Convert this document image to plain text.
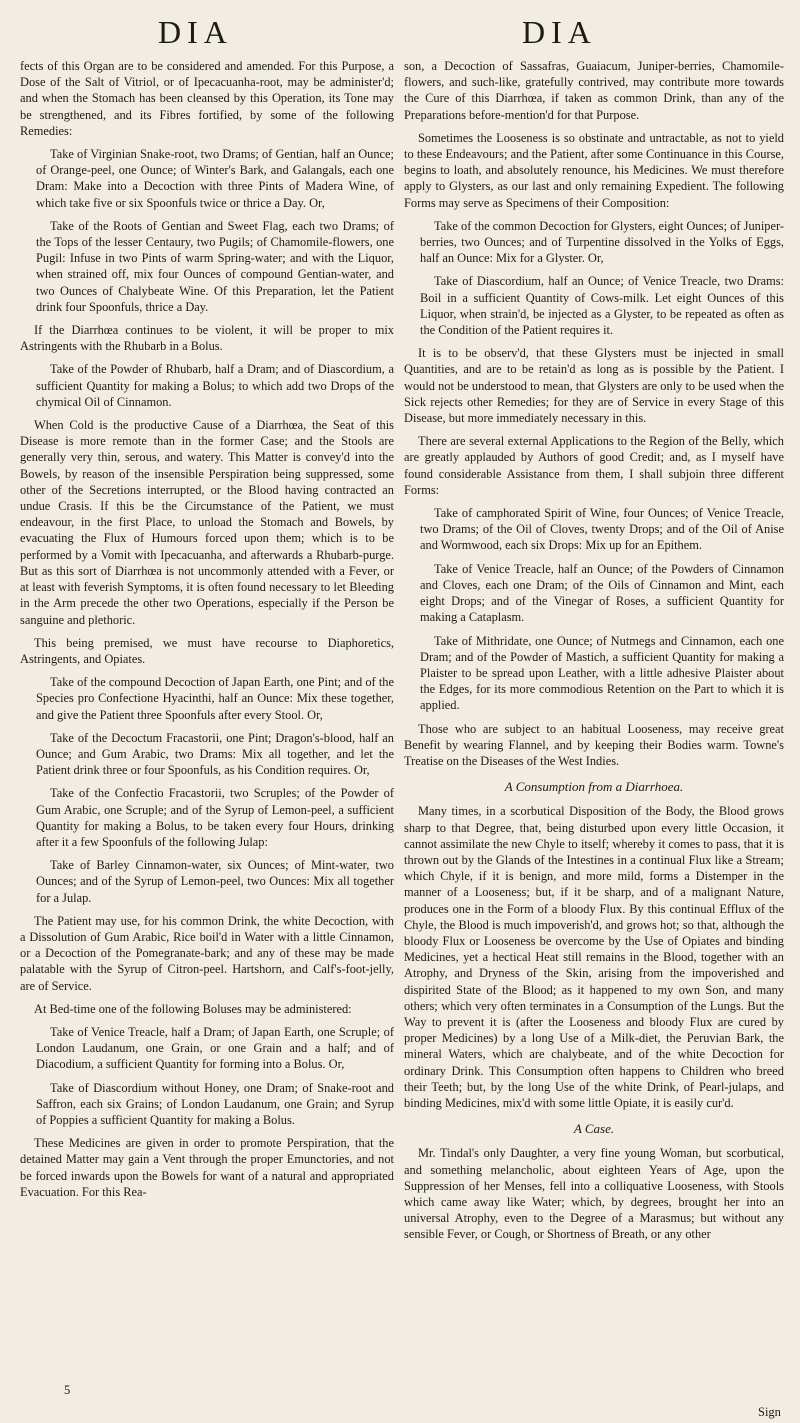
DIA	DIA

fects of this Organ are to be considered and amended. For this Purpose, a Dose of the Salt of Vitriol, or of Ipecacuanha-root, may be administer'd; and when the Stomach has been cleansed by this Operation, its Tone may be strengthened, and its Fibres fortified, by some of the following Remedies:

Take of Virginian Snake-root, two Drams; of Gentian, half an Ounce; of Orange-peel, one Ounce; of Winter's Bark, and Galangals, each one Dram: Make into a Decoction with three Pints of Madera Wine, of which take five or six Spoonfuls twice or thrice a Day. Or,

Take of the Roots of Gentian and Sweet Flag, each two Drams; of the Tops of the lesser Centaury, two Pugils; of Chamomile-flowers, one Pugil: Infuse in two Pints of warm Spring-water; and with the Liquor, when strained off, mix four Ounces of compound Gentian-water, and two Ounces of Chalybeate Wine. Of this Preparation, let the Patient drink four Spoonfuls, thrice a Day.

If the Diarrhœa continues to be violent, it will be proper to mix Astringents with the Rhubarb in a Bolus.

Take of the Powder of Rhubarb, half a Dram; and of Diascordium, a sufficient Quantity for making a Bolus; to which add two Drops of the chymical Oil of Cinnamon.

When Cold is the productive Cause of a Diarrhœa, the Seat of this Disease is more remote than in the former Case; and the Stools are generally very thin, serous, and watery. This Matter is convey'd into the Bowels, by reason of the insensible Perspiration being suppressed, some other of the Secretions interrupted, or the Blood having contracted an undue Crasis. If this be the Circumstance of the Patient, we must endeavour, in the first Place, to unload the Stomach and Bowels, by evacuating the Flux of Humours forced upon them; which is to be performed by a Vomit with Ipecacuanha, and afterwards a Rhubarb-purge. But as this sort of Diarrhœa is not uncommonly attended with a Fever, or at least with feverish Symptoms, it is often found necessary to let Bleeding in the Arm precede the other two Operations, especially if the Person be sanguine and plethoric.

This being premised, we must have recourse to Diaphoretics, Astringents, and Opiates.

Take of the compound Decoction of Japan Earth, one Pint; and of the Species pro Confectione Hyacinthi, half an Ounce: Mix these together, and give the Patient three Spoonfuls after every Stool. Or,

Take of the Decoctum Fracastorii, one Pint; Dragon's-blood, half an Ounce; and Gum Arabic, two Drams: Mix all together, and let the Patient drink three or four Spoonfuls, as his Condition requires. Or,

Take of the Confectio Fracastorii, two Scruples; of the Powder of Gum Arabic, one Scruple; and of the Syrup of Lemon-peel, a sufficient Quantity for making a Bolus, to be taken every four Hours, drinking after it a few Spoonfuls of the following Julap:

Take of Barley Cinnamon-water, six Ounces; of Mint-water, two Ounces; and of the Syrup of Lemon-peel, two Ounces: Mix all together for a Julap.

The Patient may use, for his common Drink, the white Decoction, with a Dissolution of Gum Arabic, Rice boil'd in Water with a little Cinnamon, or a Decoction of the Pomegranate-bark; and any of these may be made palatable with the Syrup of Citron-peel. Hartshorn, and Calf's-foot-jelly, are of Service.

At Bed-time one of the following Boluses may be administered:

Take of Venice Treacle, half a Dram; of Japan Earth, one Scruple; of London Laudanum, one Grain, or one Grain and a half; and of Diacodium, a sufficient Quantity for forming into a Bolus. Or,

Take of Diascordium without Honey, one Dram; of Snake-root and Saffron, each six Grains; of London Laudanum, one Grain; and Syrup of Poppies a sufficient Quantity for making a Bolus.

These Medicines are given in order to promote Perspiration, that the detained Matter may gain a Vent through the proper Emunctories, and not be forced inwards upon the Bowels for want of a natural and appropriated Evacuation. For this Rea-

son, a Decoction of Sassafras, Guaiacum, Juniper-berries, Chamomile-flowers, and such-like, gratefully contrived, may contribute more towards the Cure of this Diarrhœa, if taken as common Drink, than any of the Preparations before-mention'd for that Purpose.

Sometimes the Looseness is so obstinate and untractable, as not to yield to these Endeavours; and the Patient, after some Continuance in this Course, begins to loath, and absolutely renounce, his Medicines. We must therefore apply to Glysters, as our last and only remaining Expedient. The following Forms may serve as Specimens of their Composition:

Take of the common Decoction for Glysters, eight Ounces; of Juniper-berries, two Ounces; and of Turpentine dissolved in the Yolks of Eggs, half an Ounce: Mix for a Glyster. Or,

Take of Diascordium, half an Ounce; of Venice Treacle, two Drams: Boil in a sufficient Quantity of Cows-milk. Let eight Ounces of this Liquor, when strain'd, be injected as a Glyster, to be repeated as often as the Condition of the Patient requires it.

It is to be observ'd, that these Glysters must be injected in small Quantities, and are to be retain'd as long as is possible by the Patient. I would not be understood to mean, that Glysters are only to be used when the Sick rejects other Remedies; for they are of Service in every Stage of this Disease, but more immediately necessary in this.

There are several external Applications to the Region of the Belly, which are greatly applauded by Authors of good Credit; and, as I myself have found considerable Assistance from them, I shall subjoin three different Forms:

Take of camphorated Spirit of Wine, four Ounces; of Venice Treacle, two Drams; of the Oil of Cloves, twenty Drops; and of the Oil of Anise and Wormwood, each six Drops: Mix up for an Epithem.

Take of Venice Treacle, half an Ounce; of the Powders of Cinnamon and Cloves, each one Dram; of the Oils of Cinnamon and Mint, each eight Drops; and of the Vinegar of Roses, a sufficient Quantity for making a Cataplasm.

Take of Mithridate, one Ounce; of Nutmegs and Cinnamon, each one Dram; and of the Powder of Mastich, a sufficient Quantity for making a Plaister to be spread upon Leather, with a little adhesive Plaister about the Edges, for its more commodious Retention on the Part to which it is applied.

Those who are subject to an habitual Looseness, may receive great Benefit by wearing Flannel, and by keeping their Bodies warm. Towne's Treatise on the Diseases of the West Indies.

A Consumption from a Diarrhoea.

Many times, in a scorbutical Disposition of the Body, the Blood grows sharp to that Degree, that, being disturbed upon every little Occasion, it cannot assimilate the new Chyle to itself; whereby it comes to pass, that it is thrown out by the Glands of the Intestines in a continual Flux like a Stream; which Chyle, if it is benign, and more mild, forms a Distemper in the manner of a Looseness; but, if it be sharp, and of a malignant Nature, produces one in the Form of a bloody Flux. By this continual Efflux of the Chyle, the Blood is much impoverish'd, and grows hot; so that, although the bloody Flux or Looseness be overcome by the Use of Opiates and binding Medicines, yet a hectical Heat still remains in the Blood, together with an Atrophy, and Dryness of the Skin, arising from the impoverished and dispirited State of the Blood; as it happened to my own Son, and many others; which very often terminates in a Consumption of the Lungs. But the Way to prevent it is (after the Looseness and bloody Flux are cured by proper Medicines) by a long Use of a Milk-diet, the Peruvian Bark, the mineral Waters, which are chalybeate, and of the white Decoction for ordinary Drink. This Consumption often happens to Children who breed their Teeth; but, by the long Use of the white Drink, of Pearl-julaps, and binding Medicines, mix'd with some little Opiate, it is easily cur'd.

A Case.

Mr. Tindal's only Daughter, a very fine young Woman, but scorbutical, and something melancholic, about eighteen Years of Age, upon the Suppression of her Menses, fell into a colliquative Looseness, with Stools which came away like Water; which, by degrees, brought her into an universal Atrophy, even to the Degree of a Marasmus; but without any sensible Fever, or Cough, or Shortness of Breath, or any other

5
Sign
